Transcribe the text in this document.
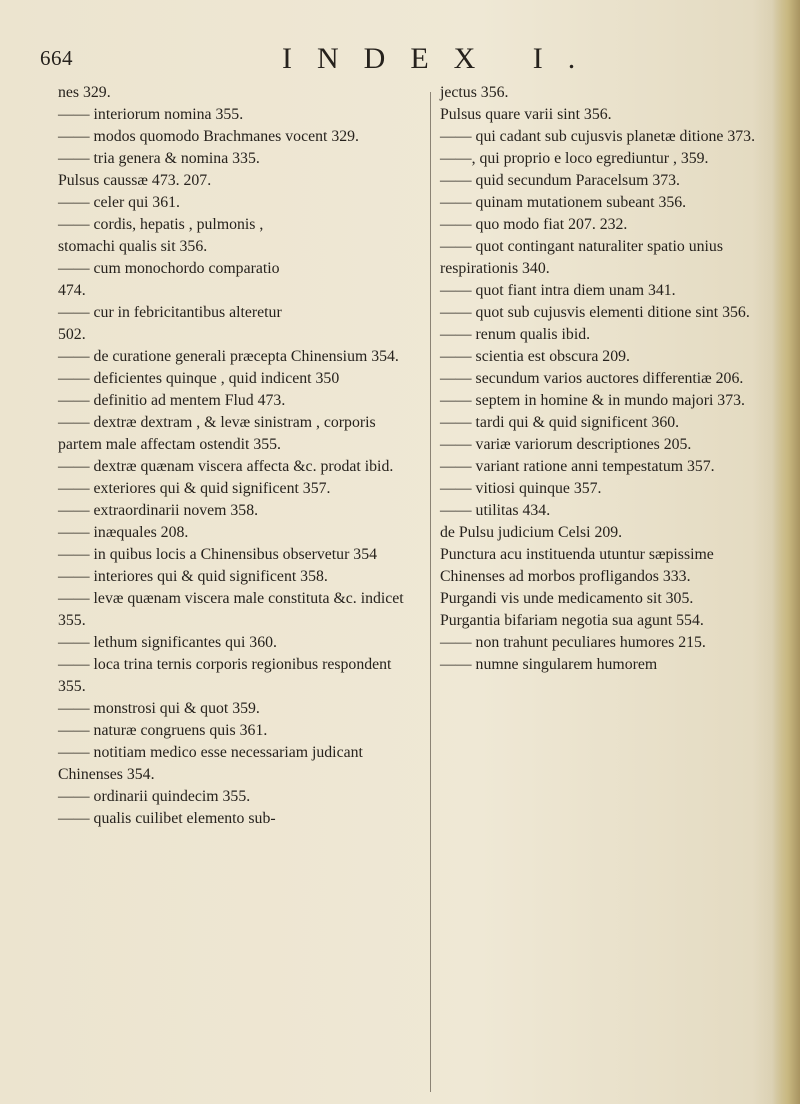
664	INDEX I.
nes 329.
—— interiorum nomina 355.
—— modos quomodo Brachmanes vocent 329.
—— tria genera & nomina 335.
Pulsus caussæ 473. 207.
—— celer qui 361.
—— cordis, hepatis , pulmonis ,
stomachi qualis sit 356.
—— cum monochordo comparatio
474.
—— cur in febricitantibus alteretur
502.
—— de curatione generali præcepta Chinensium 354.
—— deficientes quinque , quid indicent 350
—— definitio ad mentem Flud 473.
—— dextræ dextram , & levæ sinistram , corporis partem male affectam ostendit 355.
—— dextræ quænam viscera affecta &c. prodat ibid.
—— exteriores qui & quid significent 357.
—— extraordinarii novem 358.
—— inæquales 208.
—— in quibus locis a Chinensibus observetur 354
—— interiores qui & quid significent 358.
—— levæ quænam viscera male constituta &c. indicet 355.
—— lethum significantes qui 360.
—— loca trina ternis corporis regionibus respondent 355.
—— monstrosi qui & quot 359.
—— naturæ congruens quis 361.
—— notitiam medico esse necessariam judicant Chinenses 354.
—— ordinarii quindecim 355.
—— qualis cuilibet elemento sub-
jectus 356.
Pulsus quare varii sint 356.
—— qui cadant sub cujusvis planetæ ditione 373.
——, qui proprio e loco egrediuntur , 359.
—— quid secundum Paracelsum 373.
—— quinam mutationem subeant 356.
—— quo modo fiat 207. 232.
—— quot contingant naturaliter spatio unius respirationis 340.
—— quot fiant intra diem unam 341.
—— quot sub cujusvis elementi ditione sint 356.
—— renum qualis ibid.
—— scientia est obscura 209.
—— secundum varios auctores differentiæ 206.
—— septem in homine & in mundo majori 373.
—— tardi qui & quid significent 360.
—— variæ variorum descriptiones 205.
—— variant ratione anni tempestatum 357.
—— vitiosi quinque 357.
—— utilitas 434.
de Pulsu judicium Celsi 209.
Punctura acu instituenda utuntur sæpissime Chinenses ad morbos profligandos 333.
Purgandi vis unde medicamento sit 305.
Purgantia bifariam negotia sua agunt 554.
—— non trahunt peculiares humores 215.
—— numne singularem humorem
